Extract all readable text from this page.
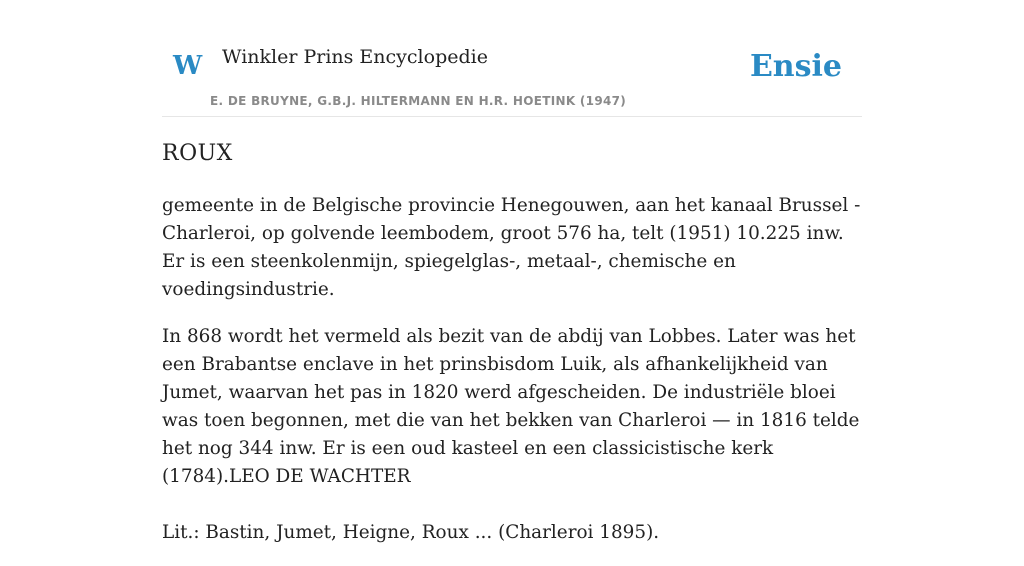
W Winkler Prins Encyclopedie
E. DE BRUYNE, G.B.J. HILTERMANN EN H.R. HOETINK (1947)
Ensie
ROUX

gemeente in de Belgische provincie Henegouwen, aan het kanaal Brussel - Charleroi, op golvende leembodem, groot 576 ha, telt (1951) 10.225 inw. Er is een steenkolenmijn, spiegelglas-, metaal-, chemische en voedingsindustrie.

In 868 wordt het vermeld als bezit van de abdij van Lobbes. Later was het een Brabantse enclave in het prinsbisdom Luik, als afhankelijkheid van Jumet, waarvan het pas in 1820 werd afgescheiden. De industriële bloei was toen begonnen, met die van het bekken van Charleroi — in 1816 telde het nog 344 inw. Er is een oud kasteel en een classicistische kerk (1784).LEO DE WACHTER

Lit.: Bastin, Jumet, Heigne, Roux ... (Charleroi 1895).
